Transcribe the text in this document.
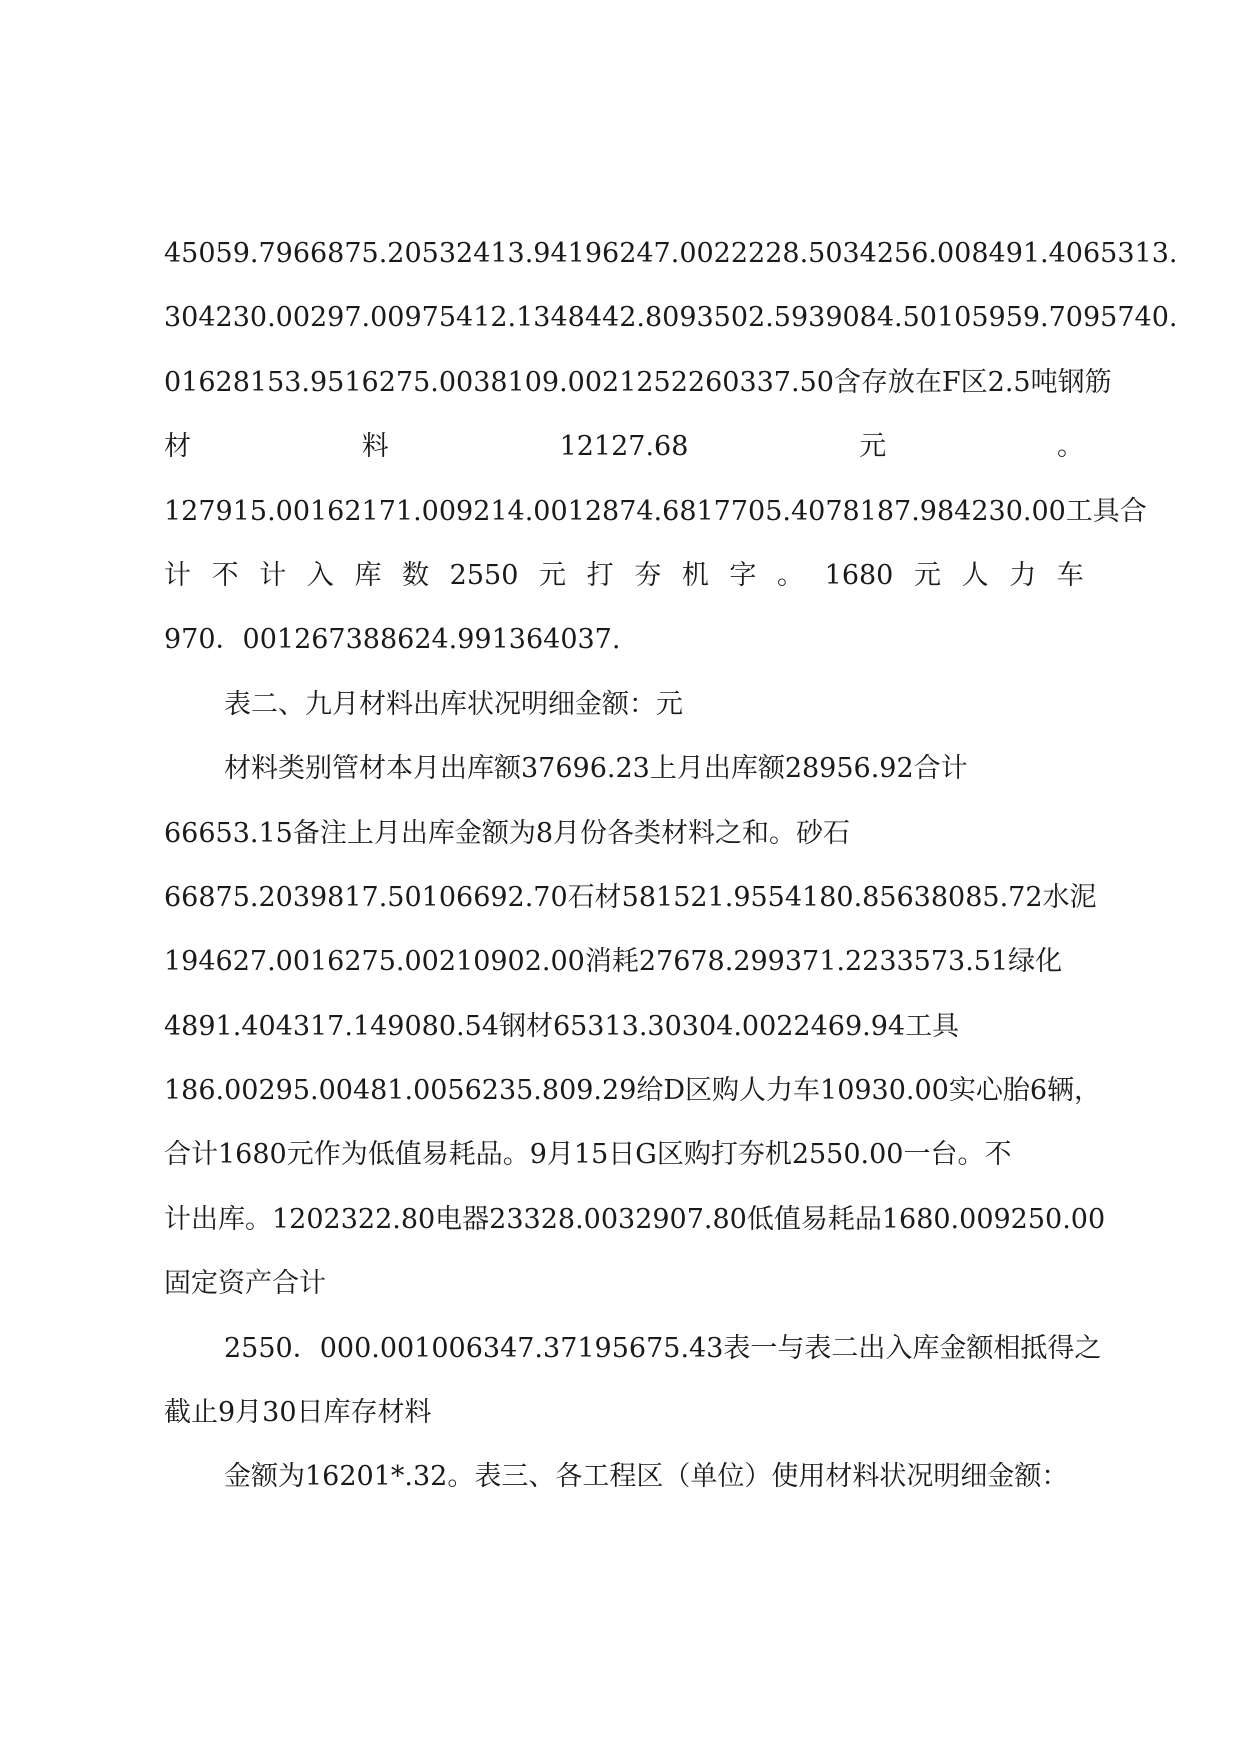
45059.7966875.20532413.94196247.0022228.5034256.008491.4065313.
304230.00297.00975412.1348442.8093502.5939084.50105959.7095740.
01628153.9516275.0038109.0021252260337.50含存放在F区2.5吨钢筋
材	料	12127.68	元	。
127915.00162171.009214.0012874.6817705.4078187.984230.00工具合
计 不 计 入 库 数 2550 元 打 夯 机 字 。 1680 元 人 力 车
970．001267388624.991364037.
表二、九月材料出库状况明细金额：元
材料类别管材本月出库额37696.23上月出库额28956.92合计
66653.15备注上月出库金额为8月份各类材料之和。砂石
66875.2039817.50106692.70石材581521.9554180.85638085.72水泥
194627.0016275.00210902.00消耗27678.299371.2233573.51绿化
4891.404317.149080.54钢材65313.30304.0022469.94工具
186.00295.00481.0056235.809.29给D区购人力车10930.00实心胎6辆，
合计1680元作为低值易耗品。9月15日G区购打夯机2550.00一台。不
计出库。1202322.80电器23328.0032907.80低值易耗品1680.009250.00
固定资产合计
2550．000.001006347.37195675.43表一与表二出入库金额相抵得之
截止9月30日库存材料
金额为16201*.32。表三、各工程区（单位）使用材料状况明细金额：
